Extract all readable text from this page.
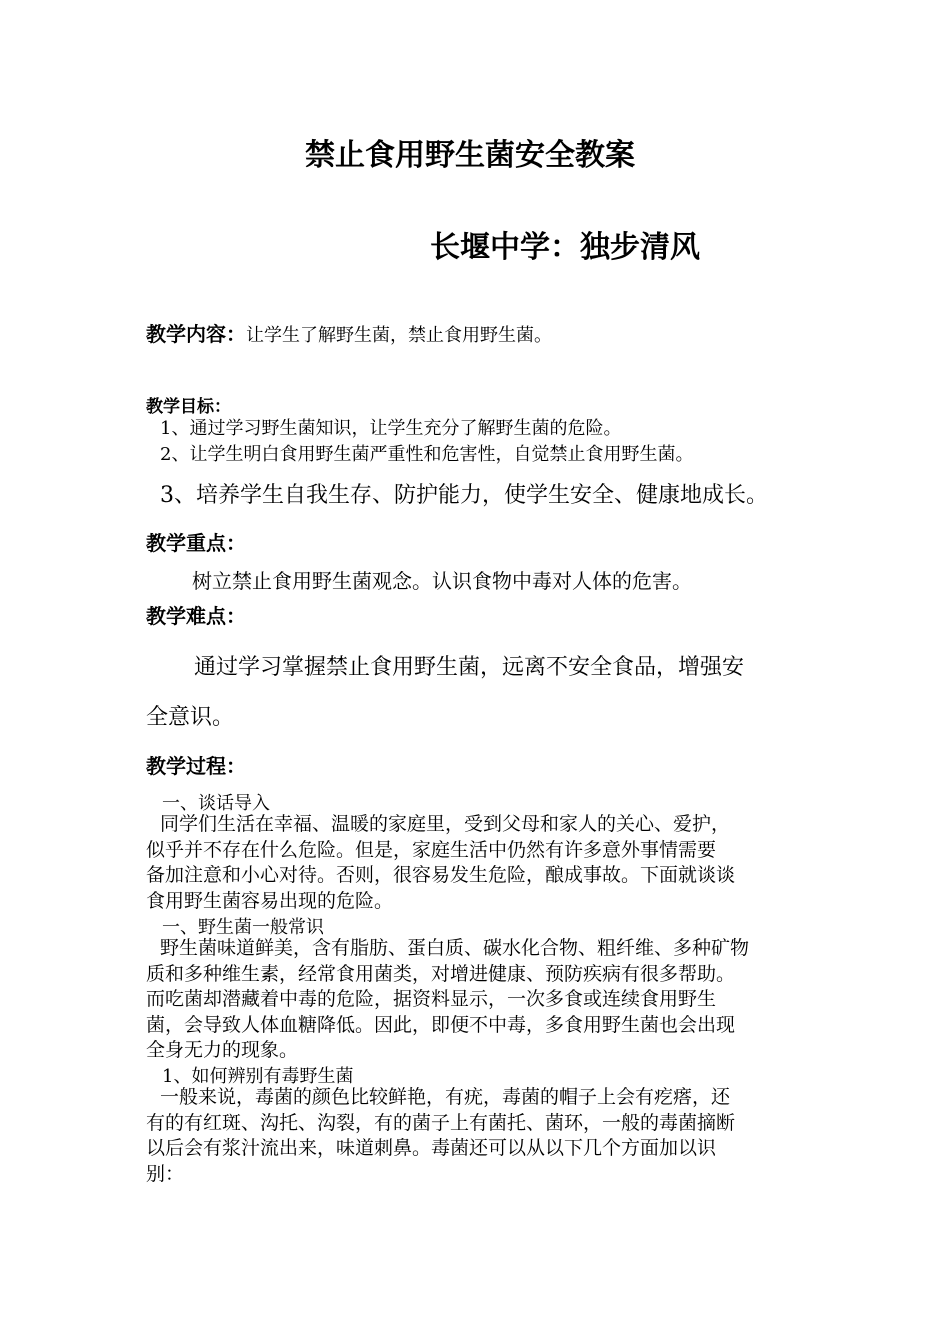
禁止食用野生菌安全教案
长堰中学：独步清风
教学内容：让学生了解野生菌，禁止食用野生菌。
教学目标：
1、通过学习野生菌知识，让学生充分了解野生菌的危险。
2、让学生明白食用野生菌严重性和危害性，自觉禁止食用野生菌。
3、培养学生自我生存、防护能力，使学生安全、健康地成长。
教学重点：
树立禁止食用野生菌观念。认识食物中毒对人体的危害。
教学难点：
通过学习掌握禁止食用野生菌，远离不安全食品，增强安
全意识。
教学过程：
一、谈话导入
同学们生活在幸福、温暖的家庭里，受到父母和家人的关心、爱护，
似乎并不存在什么危险。但是，家庭生活中仍然有许多意外事情需要
备加注意和小心对待。否则，很容易发生危险，酿成事故。下面就谈谈
食用野生菌容易出现的危险。
一、野生菌一般常识
野生菌味道鲜美，含有脂肪、蛋白质、碳水化合物、粗纤维、多种矿物
质和多种维生素，经常食用菌类，对增进健康、预防疾病有很多帮助。
而吃菌却潜藏着中毒的危险，据资料显示，一次多食或连续食用野生
菌，会导致人体血糖降低。因此，即便不中毒，多食用野生菌也会出现
全身无力的现象。
1、如何辨别有毒野生菌
一般来说，毒菌的颜色比较鲜艳，有疣，毒菌的帽子上会有疙瘩，还
有的有红斑、沟托、沟裂，有的菌子上有菌托、菌环，一般的毒菌摘断
以后会有浆汁流出来，味道刺鼻。毒菌还可以从以下几个方面加以识
别：
